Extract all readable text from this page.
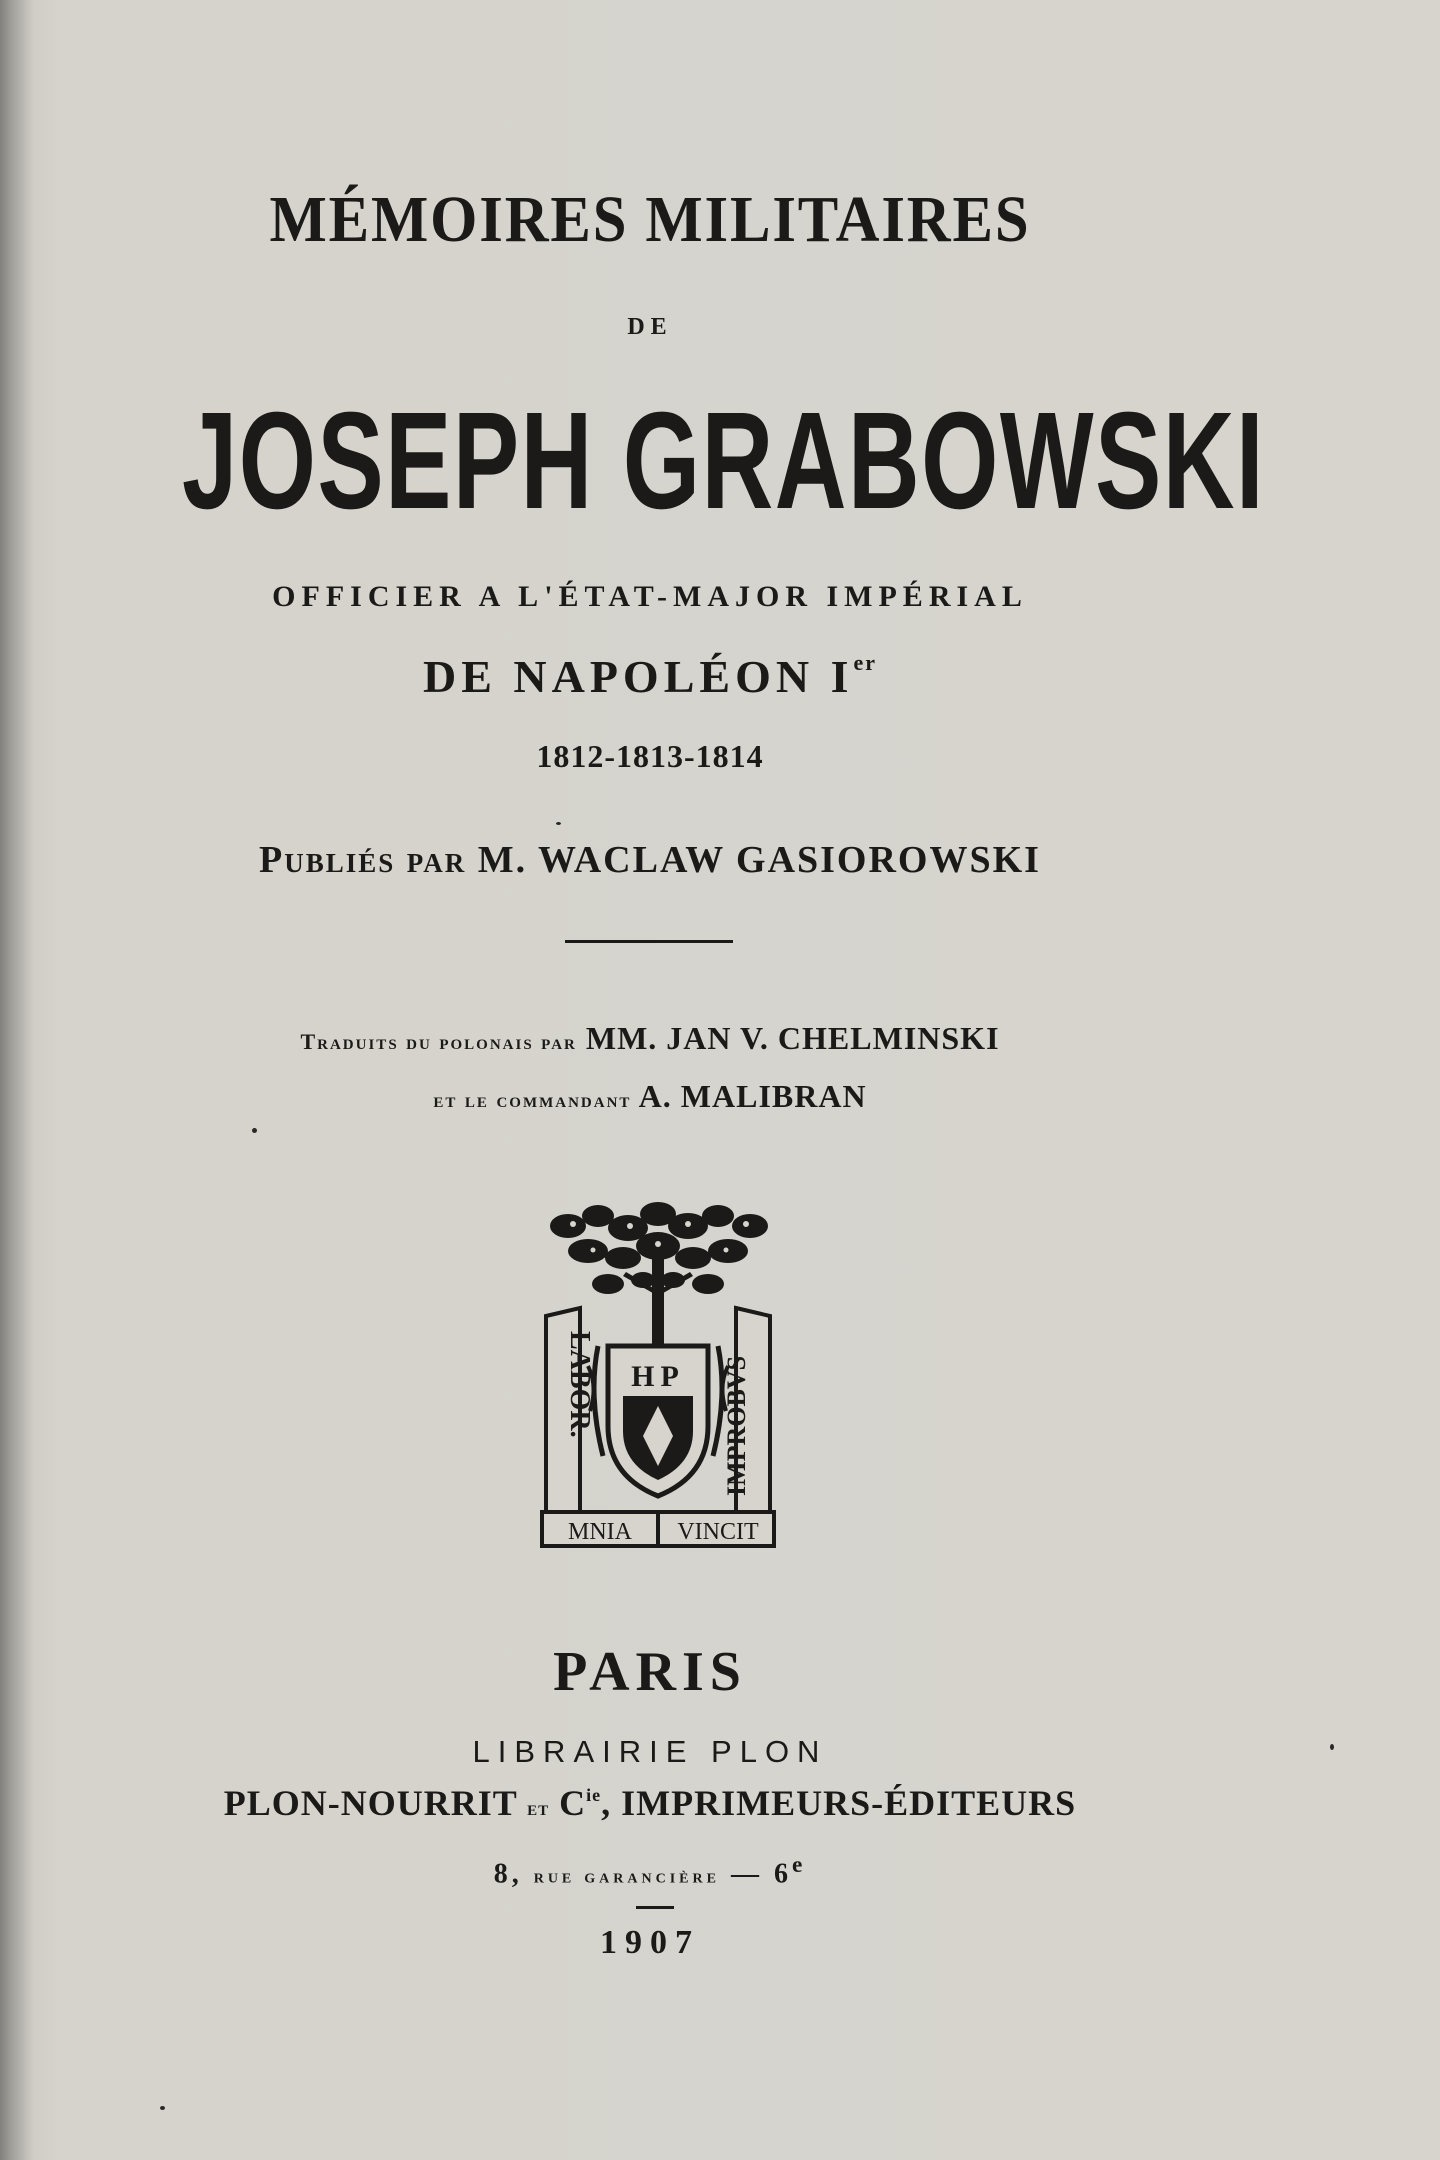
MÉMOIRES MILITAIRES
DE
JOSEPH GRABOWSKI
OFFICIER A L'ÉTAT-MAJOR IMPÉRIAL
DE NAPOLÉON Ier
1812-1813-1814
Publiés par M. WACLAW GASIOROWSKI
Traduits du polonais par MM. JAN V. CHELMINSKI
et le commandant A. MALIBRAN
LABOR.	IMPROBVS
HP
MNIA VINCIT
PARIS
LIBRAIRIE PLON
PLON-NOURRIT et $C^{ie}$, IMPRIMEURS-ÉDITEURS
8, rue garancière — 6e
1907
